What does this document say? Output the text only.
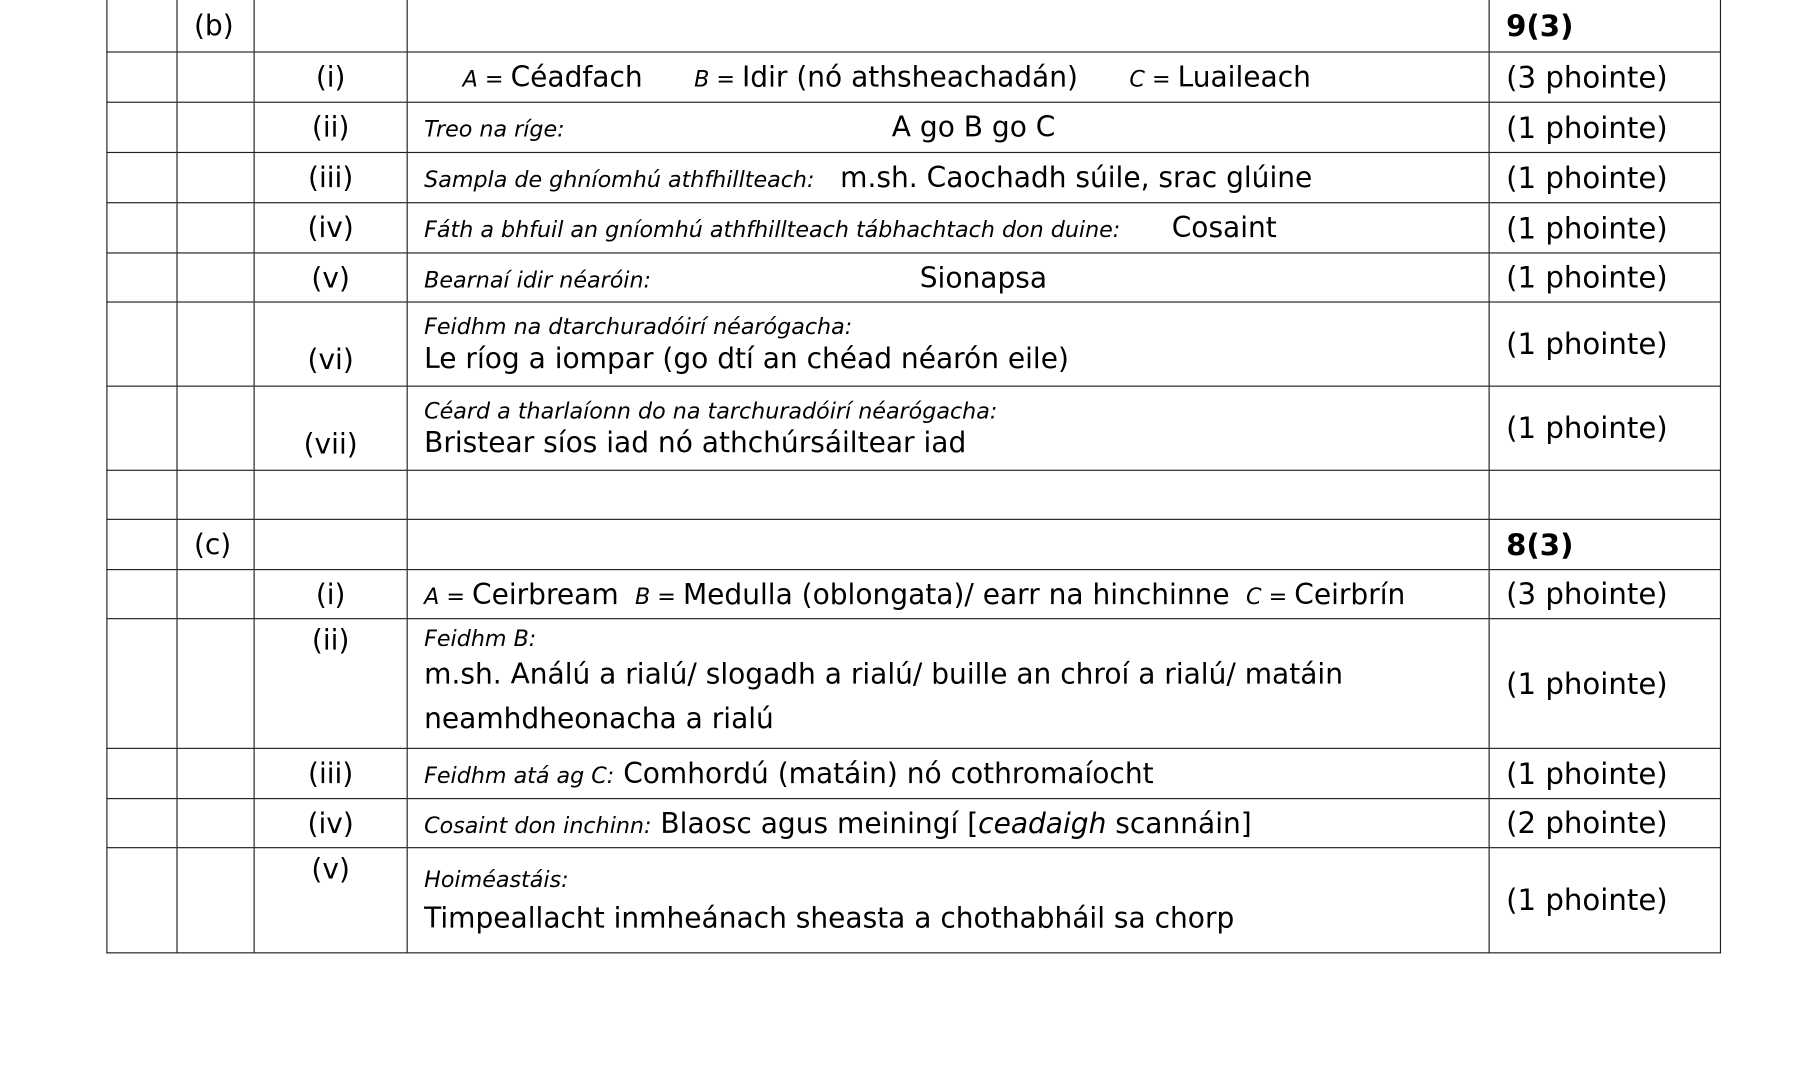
	(b)			9(3)
		(i)	A = Céadfach B = Idir (nó athsheachadán) C = Luaileach	(3 phointe)
		(ii)	Treo na ríge: A go B go C	(1 phointe)
		(iii)	Sampla de ghníomhú athfhillteach: m.sh. Caochadh súile, srac glúine	(1 phointe)
		(iv)	Fáth a bhfuil an gníomhú athfhillteach tábhachtach don duine: Cosaint	(1 phointe)
		(v)	Bearnaí idir néaróin: Sionapsa	(1 phointe)
		(vi)	Feidhm na dtarchuradóirí néarógacha:
Le ríog a iompar (go dtí an chéad néarón eile)	(1 phointe)
		(vii)	Céard a tharlaíonn do na tarchuradóirí néarógacha:
Bristear síos iad nó athchúrsáiltear iad	(1 phointe)

	(c)			8(3)
		(i)	A = Ceirbream B = Medulla (oblongata)/ earr na hinchinne C = Ceirbrín	(3 phointe)
		(ii)	Feidhm B:
m.sh. Análú a rialú/ slogadh a rialú/ buille an chroí a rialú/ matáin
neamhdheonacha a rialú	(1 phointe)
		(iii)	Feidhm atá ag C: Comhordú (matáin) nó cothromaíocht	(1 phointe)
		(iv)	Cosaint don inchinn: Blaosc agus meiningí [ceadaigh scannáin]	(2 phointe)
		(v)	Hoiméastáis:
Timpeallacht inmheánach sheasta a chothabháil sa chorp	(1 phointe)
